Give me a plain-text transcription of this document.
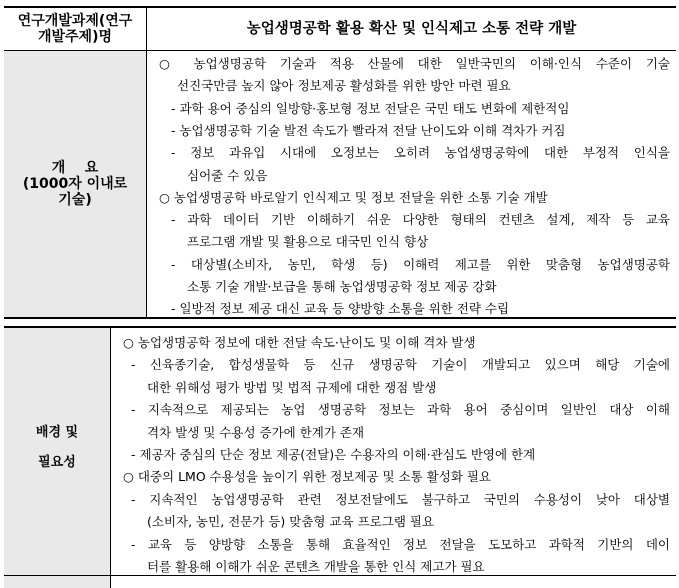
연구개발과제(연구
개발주제)명	농업생명공학 활용 확산 및 인식제고 소통 전략 개발
개    요
(1000자 이내로
기술)
○ 농업생명공학 기술과 적용 산물에 대한 일반국민의 이해·인식 수준이 기술
선진국만큼 높지 않아 정보제공 활성화를 위한 방안 마련 필요
- 과학 용어 중심의 일방향·홍보형 정보 전달은 국민 태도 변화에 제한적임
- 농업생명공학 기술 발전 속도가 빨라져 전달 난이도와 이해 격차가 커짐
- 정보 과유입 시대에 오정보는 오히려 농업생명공학에 대한 부정적 인식을
심어줄 수 있음
○ 농업생명공학 바로알기 인식제고 및 정보 전달을 위한 소통 기술 개발
- 과학 데이터 기반 이해하기 쉬운 다양한 형태의 컨텐츠 설계, 제작 등 교육
프로그램 개발 및 활용으로 대국민 인식 향상
- 대상별(소비자, 농민, 학생 등) 이해력 제고를 위한 맞춤형 농업생명공학
소통 기술 개발·보급을 통해 농업생명공학 정보 제공 강화
- 일방적 정보 제공 대신 교육 등 양방향 소통을 위한 전략 수립
배경 및
필요성
○ 농업생명공학 정보에 대한 전달 속도·난이도 및 이해 격차 발생
- 신육종기술, 합성생물학 등 신규 생명공학 기술이 개발되고 있으며 해당 기술에
대한 위해성 평가 방법 및 법적 규제에 대한 쟁점 발생
- 지속적으로 제공되는 농업 생명공학 정보는 과학 용어 중심이며 일반인 대상 이해
격차 발생 및 수용성 증가에 한계가 존재
- 제공자 중심의 단순 정보 제공(전달)은 수용자의 이해·관심도 반영에 한계
○ 대중의 LMO 수용성을 높이기 위한 정보제공 및 소통 활성화 필요
- 지속적인 농업생명공학 관련 정보전달에도 불구하고 국민의 수용성이 낮아 대상별
(소비자, 농민, 전문가 등) 맞춤형 교육 프로그램 필요
- 교육 등 양방향 소통을 통해 효율적인 정보 전달을 도모하고 과학적 기반의 데이
터를 활용해 이해가 쉬운 콘텐츠 개발을 통한 인식 제고가 필요
